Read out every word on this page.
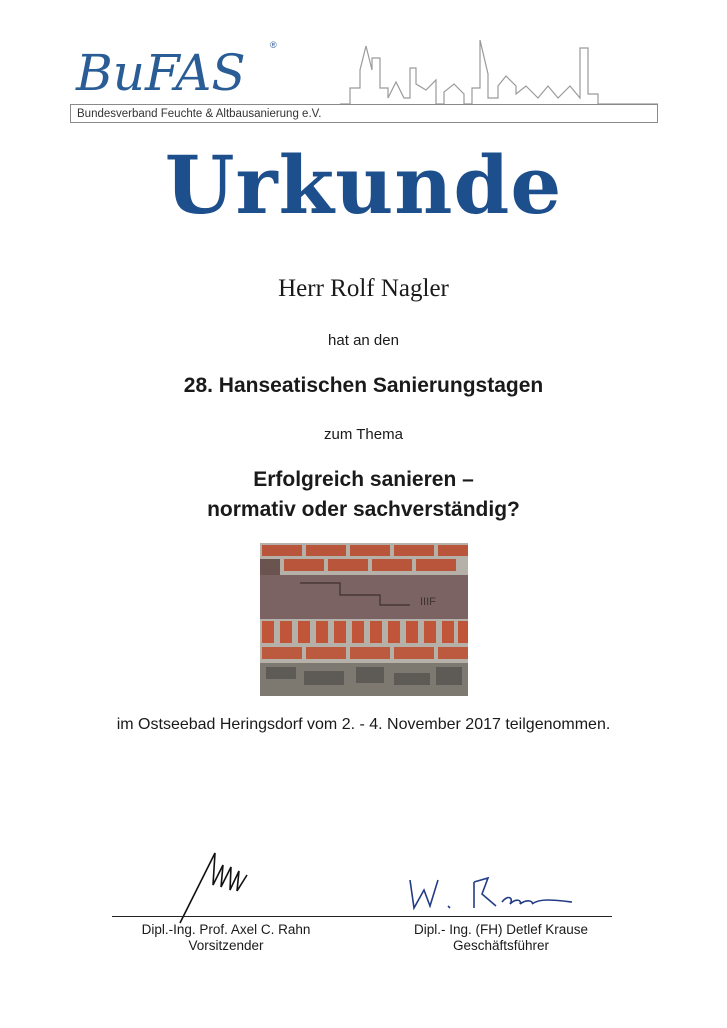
BuFAS	®
Bundesverband Feuchte & Altbausanierung e.V.
Urkunde
Herr Rolf Nagler
hat an den
28. Hanseatischen Sanierungstagen
zum Thema
Erfolgreich sanieren –
normativ oder sachverständig?
IIIF
im Ostseebad Heringsdorf vom 2. - 4. November 2017 teilgenommen.
Dipl.-Ing. Prof. Axel C. Rahn
Vorsitzender
Dipl.- Ing. (FH) Detlef Krause
Geschäftsführer
